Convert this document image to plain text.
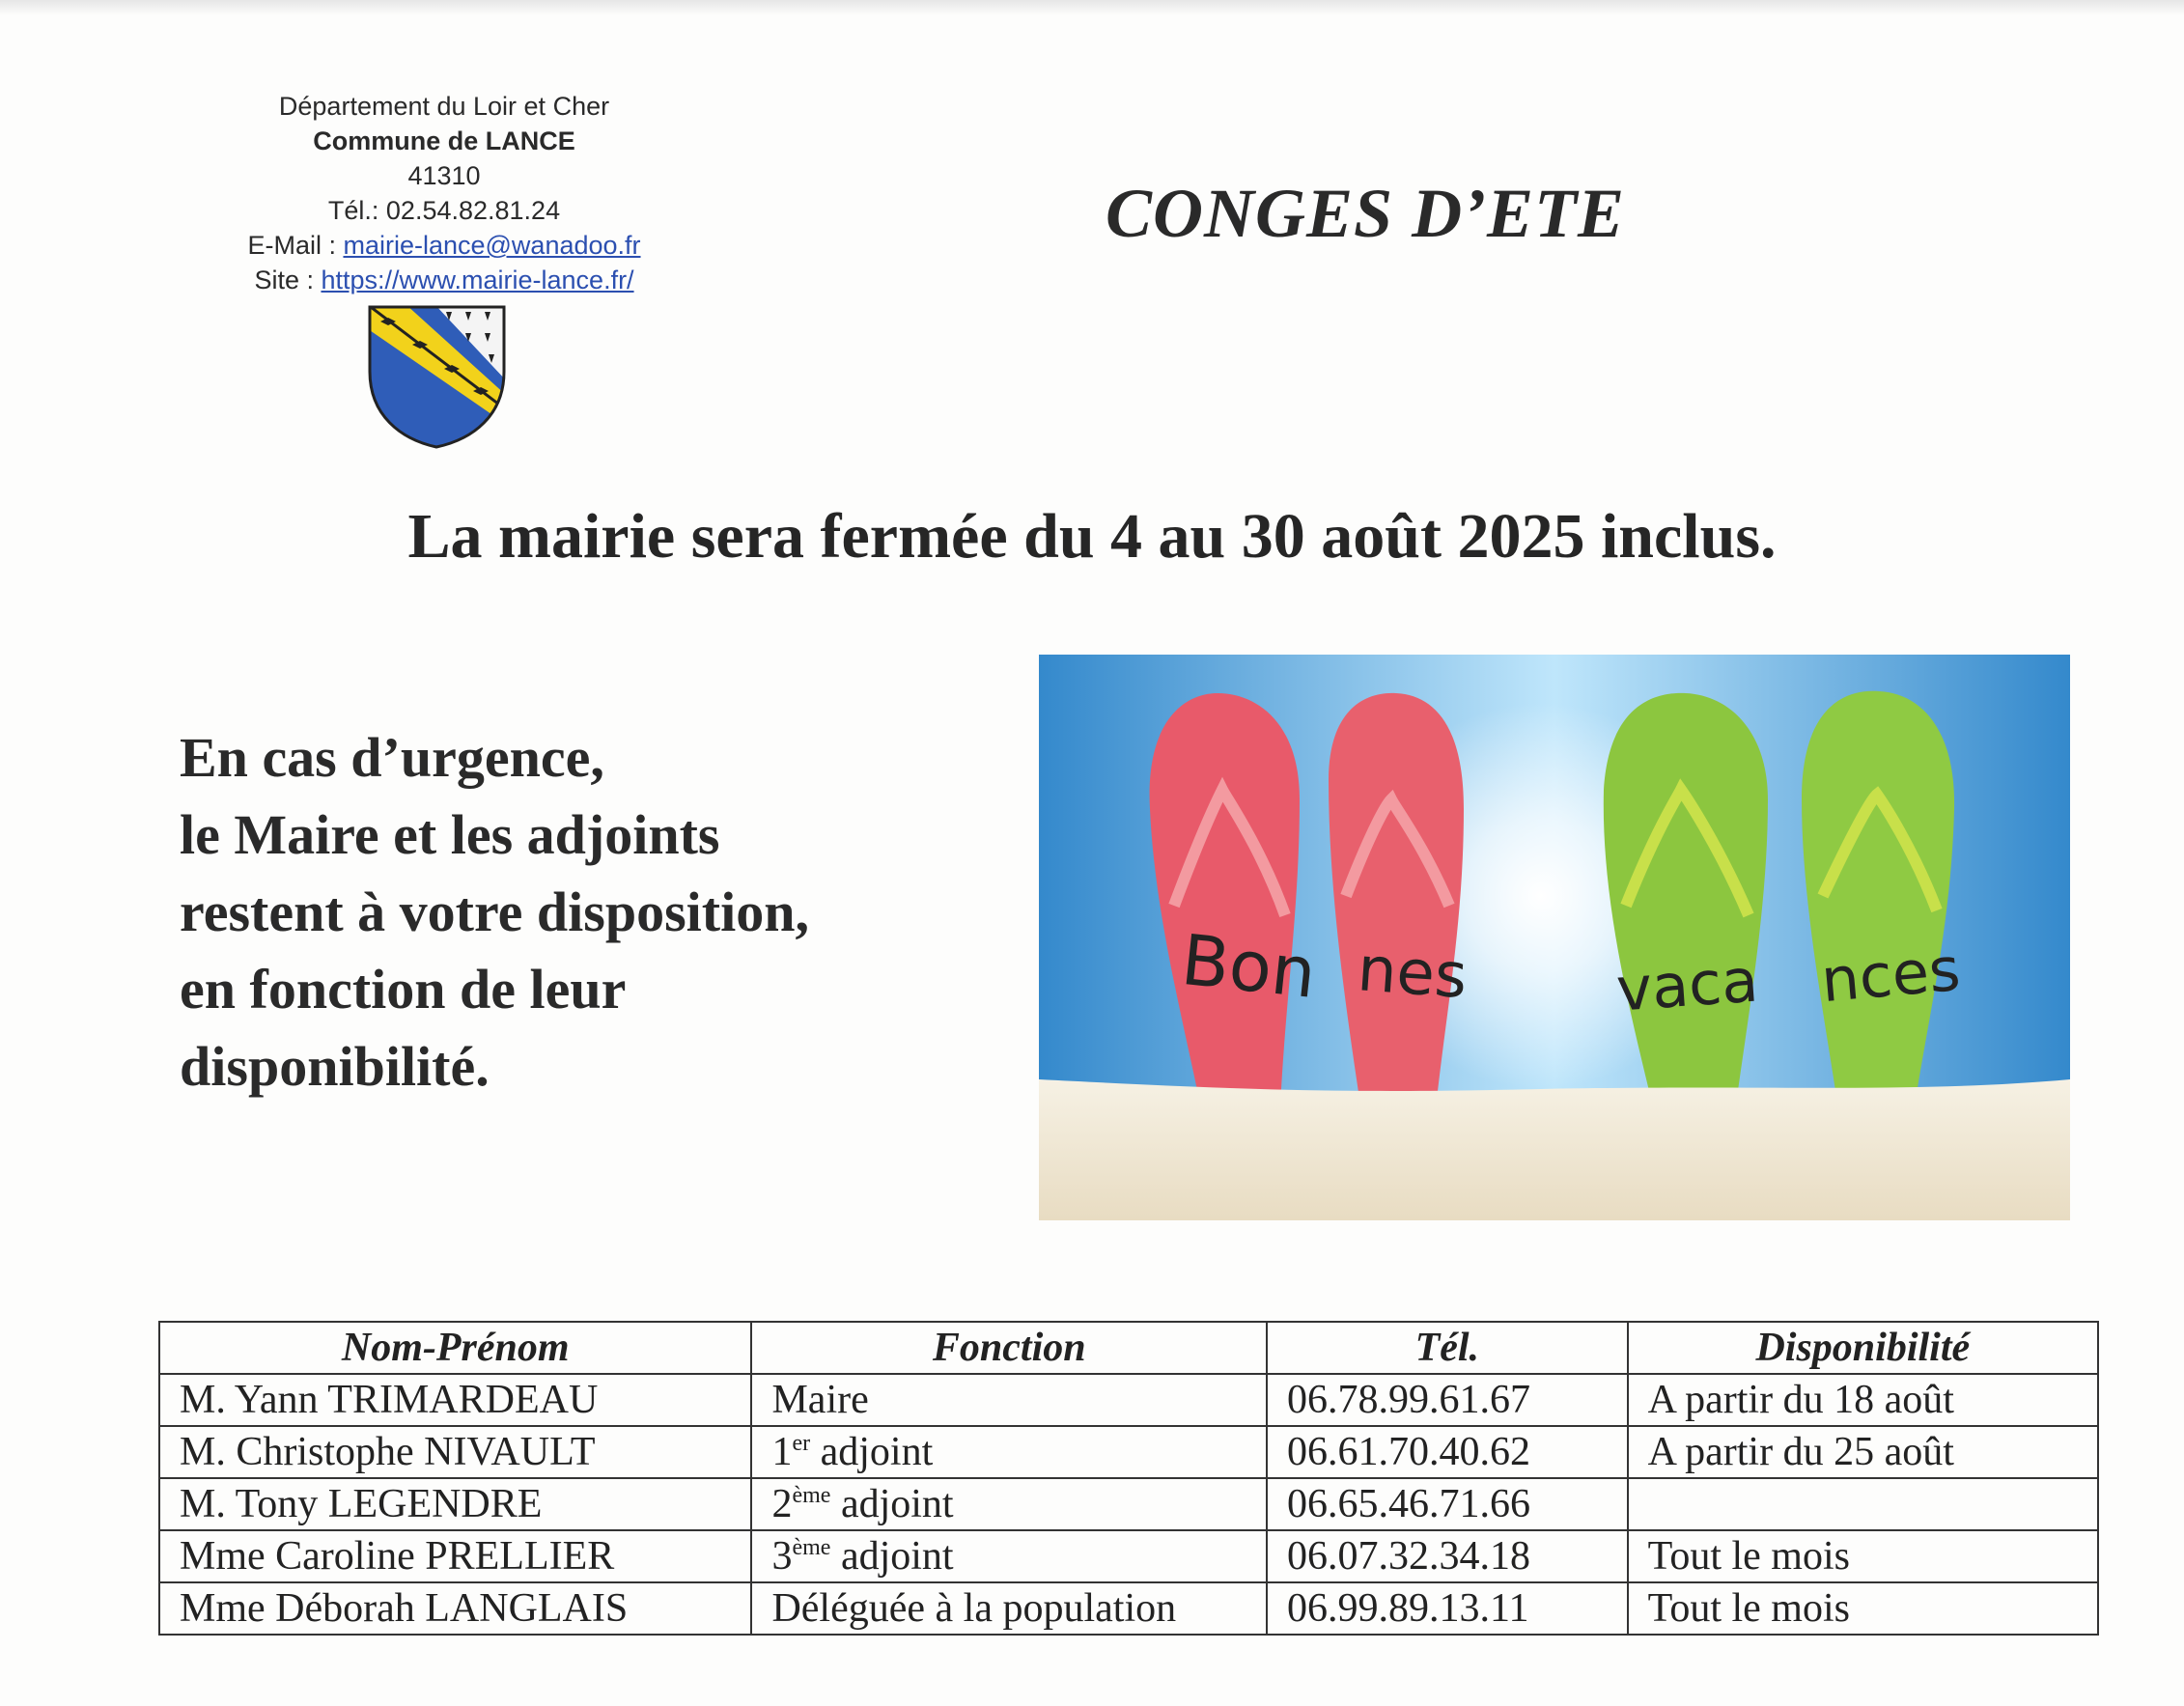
Département du Loir et Cher
Commune de LANCE
41310
Tél.: 02.54.82.81.24
E-Mail : mairie-lance@wanadoo.fr
Site : https://www.mairie-lance.fr/
CONGES D’ETE
La mairie sera fermée du 4 au 30 août 2025 inclus.
En cas d’urgence,
le Maire et les adjoints
restent à votre disposition,
en fonction de leur
disponibilité.
Bon nes vaca nces
Nom-Prénom	Fonction	Tél.	Disponibilité
M. Yann TRIMARDEAU	Maire	06.78.99.61.67	A partir du 18 août
M. Christophe NIVAULT	1er adjoint	06.61.70.40.62	A partir du 25 août
M. Tony LEGENDRE	2ème adjoint	06.65.46.71.66	
Mme Caroline PRELLIER	3ème adjoint	06.07.32.34.18	Tout le mois
Mme Déborah LANGLAIS	Déléguée à la population	06.99.89.13.11	Tout le mois
